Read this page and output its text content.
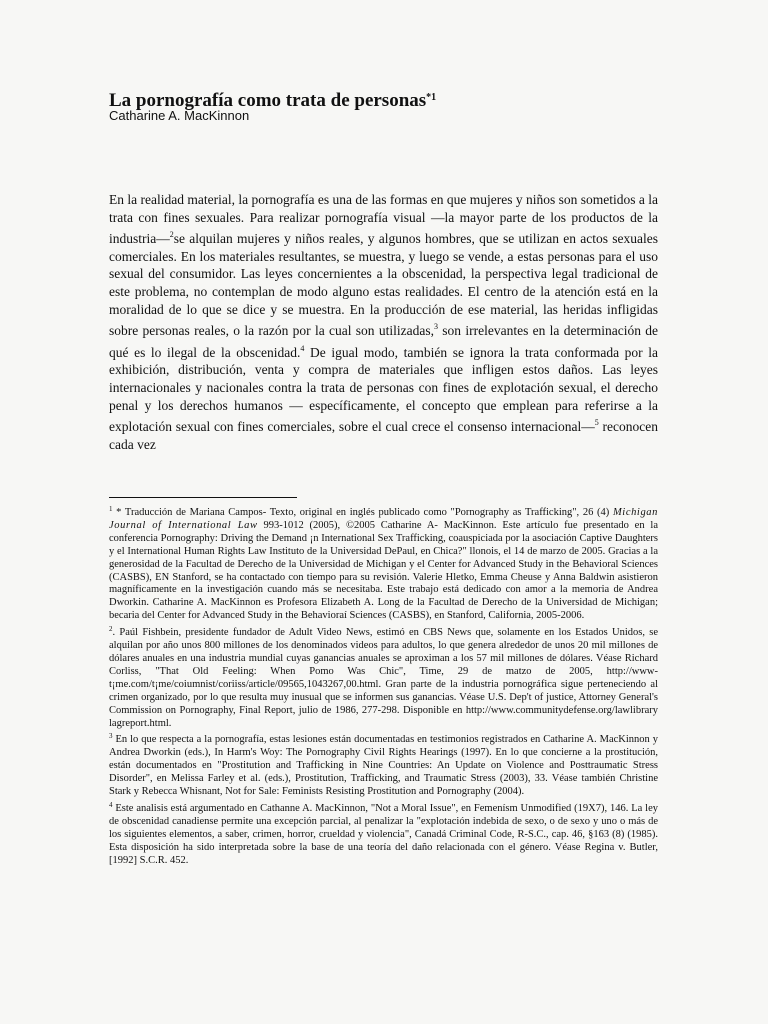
La pornografía como trata de personas$^{*1}$
Catharine A. MacKinnon

En la realidad material, la pornografía es una de las formas en que mujeres y niños son sometidos a la trata con fines sexuales. Para realizar pornografía visual —la mayor parte de los productos de la industria—$^2$se alquilan mujeres y niños reales, y algunos hombres, que se utilizan en actos sexuales comerciales. En los materiales resultantes, se muestra, y luego se vende, a estas personas para el uso sexual del consumidor. Las leyes concernientes a la obscenidad, la perspectiva legal tradicional de este problema, no contemplan de modo alguno estas realidades. El centro de la atención está en la moralidad de lo que se dice y se muestra. En la producción de ese material, las heridas infligidas sobre personas reales, o la razón por la cual son utilizadas,$^3$ son irrelevantes en la determinación de qué es lo ilegal de la obscenidad.$^4$ De igual modo, también se ignora la trata conformada por la exhibición, distribución, venta y compra de materiales que infligen estos daños. Las leyes internacionales y nacionales contra la trata de personas con fines de explotación sexual, el derecho penal y los derechos humanos — específicamente, el concepto que emplean para referirse a la explotación sexual con fines comerciales, sobre el cual crece el consenso internacional—$^5$ reconocen cada vez

$^1$ * Traducción de Mariana Campos- Texto, original en inglés publicado como "Pornography as Trafficking", 26 (4) Michigan Journal of International Law 993-1012 (2005), ©2005 Catharine A- MacKinnon. Este artículo fue presentado en la conferencia Pornography: Driving the Demand ¡n International Sex Trafficking, coauspiciada por la asociación Captive Daughters y el International Human Rights Law Instituto de la Universidad DePaul, en Chica?" llonois, el 14 de marzo de 2005. Gracias a la generosidad de la Facultad de Derecho de la Universidad de Michigan y el Center for Advanced Study in the Behavioral Sciences (CASBS), EN Stanford, se ha contactado con tiempo para su revisión. Valerie Hletko, Emma Cheuse y Anna Baldwin asistieron magníficamente en la investigación cuando más se necesitaba. Este trabajo está dedicado con amor a la memoria de Andrea Dworkin. Catharine A. MacKinnon es Profesora Elizabeth A. Long de la Facultad de Derecho de la Universidad de Michigan; becaria del Center for Advanced Study in the Behavioraí Sciences (CASBS), en Stanford, California, 2005-2006.

$^2$. Paúl Fishbein, presidente fundador de Adult Video News, estimó en CBS News que, solamente en los Estados Unidos, se alquilan por año unos 800 millones de los denominados videos para adultos, lo que genera alrededor de unos 20 mil millones de dólares anuales en una industria mundial cuyas ganancias anuales se aproximan a los 57 mil millones de dólares. Véase Richard Corliss, "That Old Feeling: When Pomo Was Chic", Time, 29 de matzo de 2005, http://www-t¡me.com/t¡me/coiumnist/coriiss/article/09565,1043267,00.html. Gran parte de la industria pornográfica sigue perteneciendo al crimen organizado, por lo que resulta muy inusual que se informen sus ganancias. Véase U.S. Dep't of justice, Attorney General's Commission on Pornography, Final Report, julio de 1986, 277-298. Disponible en http://www.communitydefense.org/lawlibrary lagreport.html.

$^3$ En lo que respecta a la pornografía, estas lesiones están documentadas en testimonios registrados en Catharine A. MacKinnon y Andrea Dworkin (eds.), In Harm's Woy: The Pornography Civil Rights Hearings (1997). En lo que concierne a la prostitución, están documentados en "Prostitution and Trafficking in Nine Countries: An Update on Violence and Posttraumatic Stress Disorder", en Melissa Farley et al. (eds.), Prostitution, Trafficking, and Traumatic Stress (2003), 33. Véase también Christine Stark y Rebecca Whisnant, Not for Sale: Feminists Resisting Prostitution and Pornography (2004).

$^4$ Este analisis está argumentado en Cathanne A. MacKinnon, "Not a Moral Issue", en Femenísm Unmodified (19X7), 146. La ley de obscenidad canadiense permite una excepción parcial, al penalizar la "explotación indebida de sexo, o de sexo y uno o más de los siguientes elementos, a saber, crimen, horror, crueldad y violencia", Canadá Criminal Code, R-S.C., cap. 46, §163 (8) (1985). Esta disposición ha sido interpretada sobre la base de una teoría del daño relacionada con el género. Véase Regina v. Butler, [1992] S.C.R. 452.
